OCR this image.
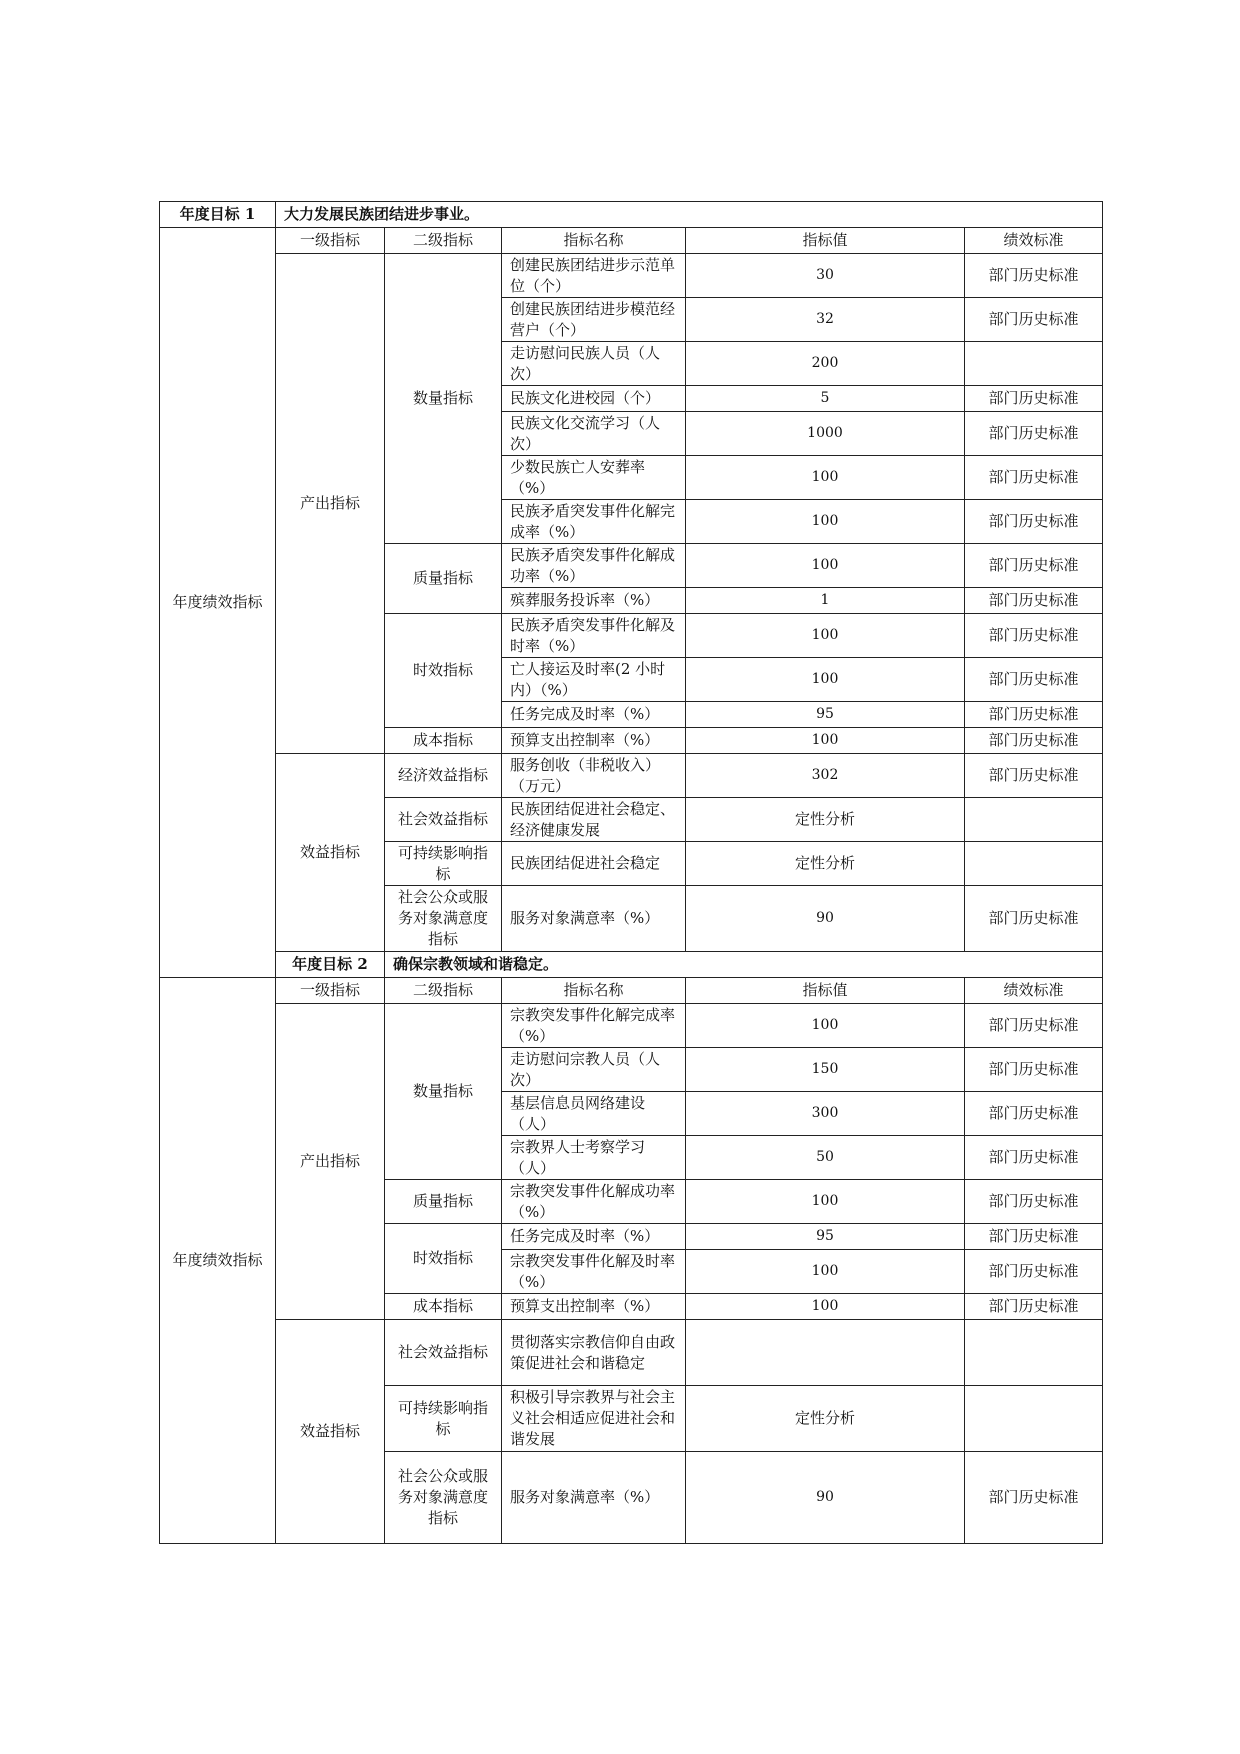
年度目标 1	大力发展民族团结进步事业。				
年度绩效指标	一级指标	二级指标	指标名称	指标值	绩效标准
	产出指标	数量指标	创建民族团结进步示范单位（个）	30	部门历史标准
			创建民族团结进步模范经营户（个）	32	部门历史标准
			走访慰问民族人员（人次）	200	
			民族文化进校园（个）	5	部门历史标准
			民族文化交流学习（人次）	1000	部门历史标准
			少数民族亡人安葬率（%）	100	部门历史标准
			民族矛盾突发事件化解完成率（%）	100	部门历史标准
		质量指标	民族矛盾突发事件化解成功率（%）	100	部门历史标准
			殡葬服务投诉率（%）	1	部门历史标准
		时效指标	民族矛盾突发事件化解及时率（%）	100	部门历史标准
			亡人接运及时率(2 小时内）（%）	100	部门历史标准
			任务完成及时率（%）	95	部门历史标准
		成本指标	预算支出控制率（%）	100	部门历史标准
	效益指标	经济效益指标	服务创收（非税收入）（万元）	302	部门历史标准
		社会效益指标	民族团结促进社会稳定、经济健康发展	定性分析	
		可持续影响指标	民族团结促进社会稳定	定性分析	
		社会公众或服务对象满意度指标	服务对象满意率（%）	90	部门历史标准
	年度目标 2	确保宗教领域和谐稳定。			
年度绩效指标	一级指标	二级指标	指标名称	指标值	绩效标准
	产出指标	数量指标	宗教突发事件化解完成率（%）	100	部门历史标准
			走访慰问宗教人员（人次）	150	部门历史标准
			基层信息员网络建设（人）	300	部门历史标准
			宗教界人士考察学习（人）	50	部门历史标准
		质量指标	宗教突发事件化解成功率（%）	100	部门历史标准
		时效指标	任务完成及时率（%）	95	部门历史标准
			宗教突发事件化解及时率（%）	100	部门历史标准
		成本指标	预算支出控制率（%）	100	部门历史标准
	效益指标	社会效益指标	贯彻落实宗教信仰自由政策促进社会和谐稳定		
		可持续影响指标	积极引导宗教界与社会主义社会相适应促进社会和谐发展	定性分析	
		社会公众或服务对象满意度指标	服务对象满意率（%）	90	部门历史标准
